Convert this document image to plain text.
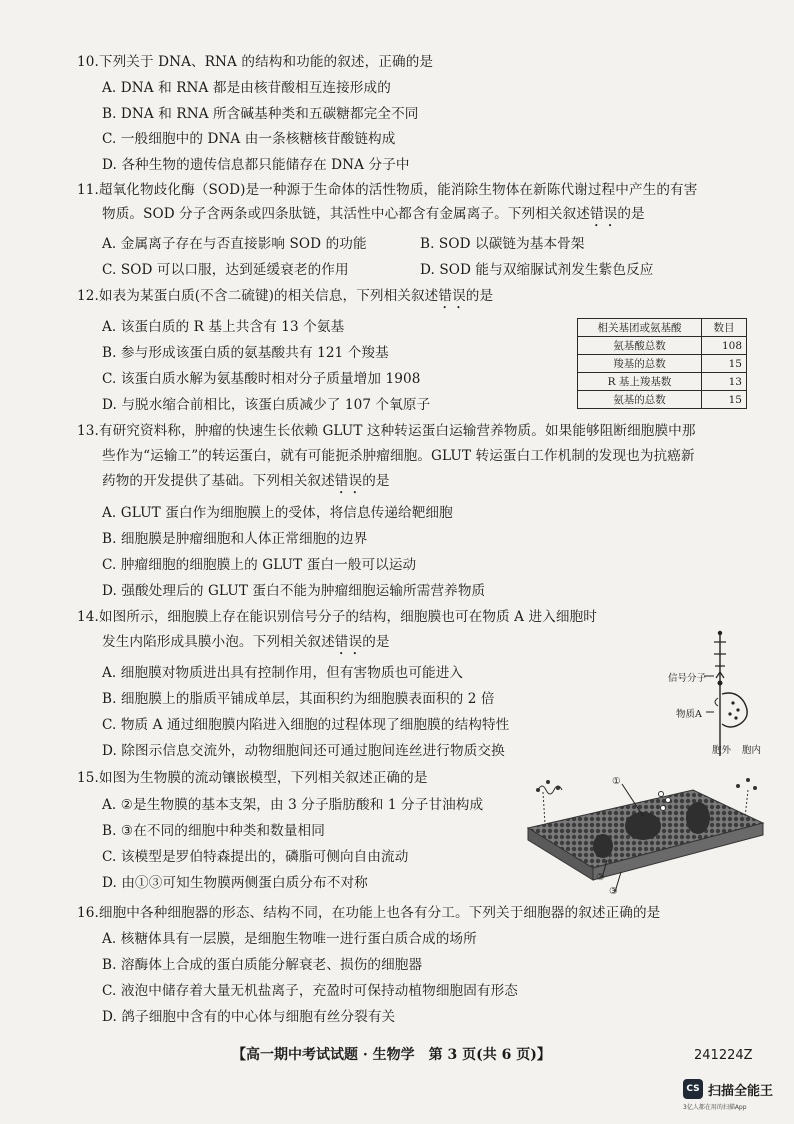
10.下列关于 DNA、RNA 的结构和功能的叙述，正确的是
A. DNA 和 RNA 都是由核苷酸相互连接形成的
B. DNA 和 RNA 所含碱基种类和五碳糖都完全不同
C. 一般细胞中的 DNA 由一条核糖核苷酸链构成
D. 各种生物的遗传信息都只能储存在 DNA 分子中
11.超氧化物歧化酶（SOD)是一种源于生命体的活性物质，能消除生物体在新陈代谢过程中产生的有害
物质。SOD 分子含两条或四条肽链，其活性中心都含有金属离子。下列相关叙述错误的是
A. 金属离子存在与否直接影响 SOD 的功能	B. SOD 以碳链为基本骨架
C. SOD 可以口服，达到延缓衰老的作用	D. SOD 能与双缩脲试剂发生紫色反应
12.如表为某蛋白质(不含二硫键)的相关信息，下列相关叙述错误的是
A. 该蛋白质的 R 基上共含有 13 个氨基
B. 参与形成该蛋白质的氨基酸共有 121 个羧基
C. 该蛋白质水解为氨基酸时相对分子质量增加 1908
D. 与脱水缩合前相比，该蛋白质减少了 107 个氧原子
相关基团或氨基酸	数目
氨基酸总数	108
羧基的总数	15
R 基上羧基数	13
氨基的总数	15
13.有研究资料称，肿瘤的快速生长依赖 GLUT 这种转运蛋白运输营养物质。如果能够阻断细胞膜中那
些作为“运输工”的转运蛋白，就有可能扼杀肿瘤细胞。GLUT 转运蛋白工作机制的发现也为抗癌新
药物的开发提供了基础。下列相关叙述错误的是
A. GLUT 蛋白作为细胞膜上的受体，将信息传递给靶细胞
B. 细胞膜是肿瘤细胞和人体正常细胞的边界
C. 肿瘤细胞的细胞膜上的 GLUT 蛋白一般可以运动
D. 强酸处理后的 GLUT 蛋白不能为肿瘤细胞运输所需营养物质
14.如图所示，细胞膜上存在能识别信号分子的结构，细胞膜也可在物质 A 进入细胞时
发生内陷形成具膜小泡。下列相关叙述错误的是
A. 细胞膜对物质进出具有控制作用，但有害物质也可能进入
B. 细胞膜上的脂质平铺成单层，其面积约为细胞膜表面积的 2 倍
C. 物质 A 通过细胞膜内陷进入细胞的过程体现了细胞膜的结构特性
D. 除图示信息交流外，动物细胞间还可通过胞间连丝进行物质交换
信号分子
物质A
胞外 胞内
15.如图为生物膜的流动镶嵌模型，下列相关叙述正确的是
A. ②是生物膜的基本支架，由 3 分子脂肪酸和 1 分子甘油构成
B. ③在不同的细胞中种类和数量相同
C. 该模型是罗伯特森提出的，磷脂可侧向自由流动
D. 由①③可知生物膜两侧蛋白质分布不对称
①
②
③
16.细胞中各种细胞器的形态、结构不同，在功能上也各有分工。下列关于细胞器的叙述正确的是
A. 核糖体具有一层膜，是细胞生物唯一进行蛋白质合成的场所
B. 溶酶体上合成的蛋白质能分解衰老、损伤的细胞器
C. 液泡中储存着大量无机盐离子，充盈时可保持动植物细胞固有形态
D. 鸽子细胞中含有的中心体与细胞有丝分裂有关
【高一期中考试试题 · 生物学　第 3 页(共 6 页)】	241224Z
CS 扫描全能王
3亿人都在用的扫描App
